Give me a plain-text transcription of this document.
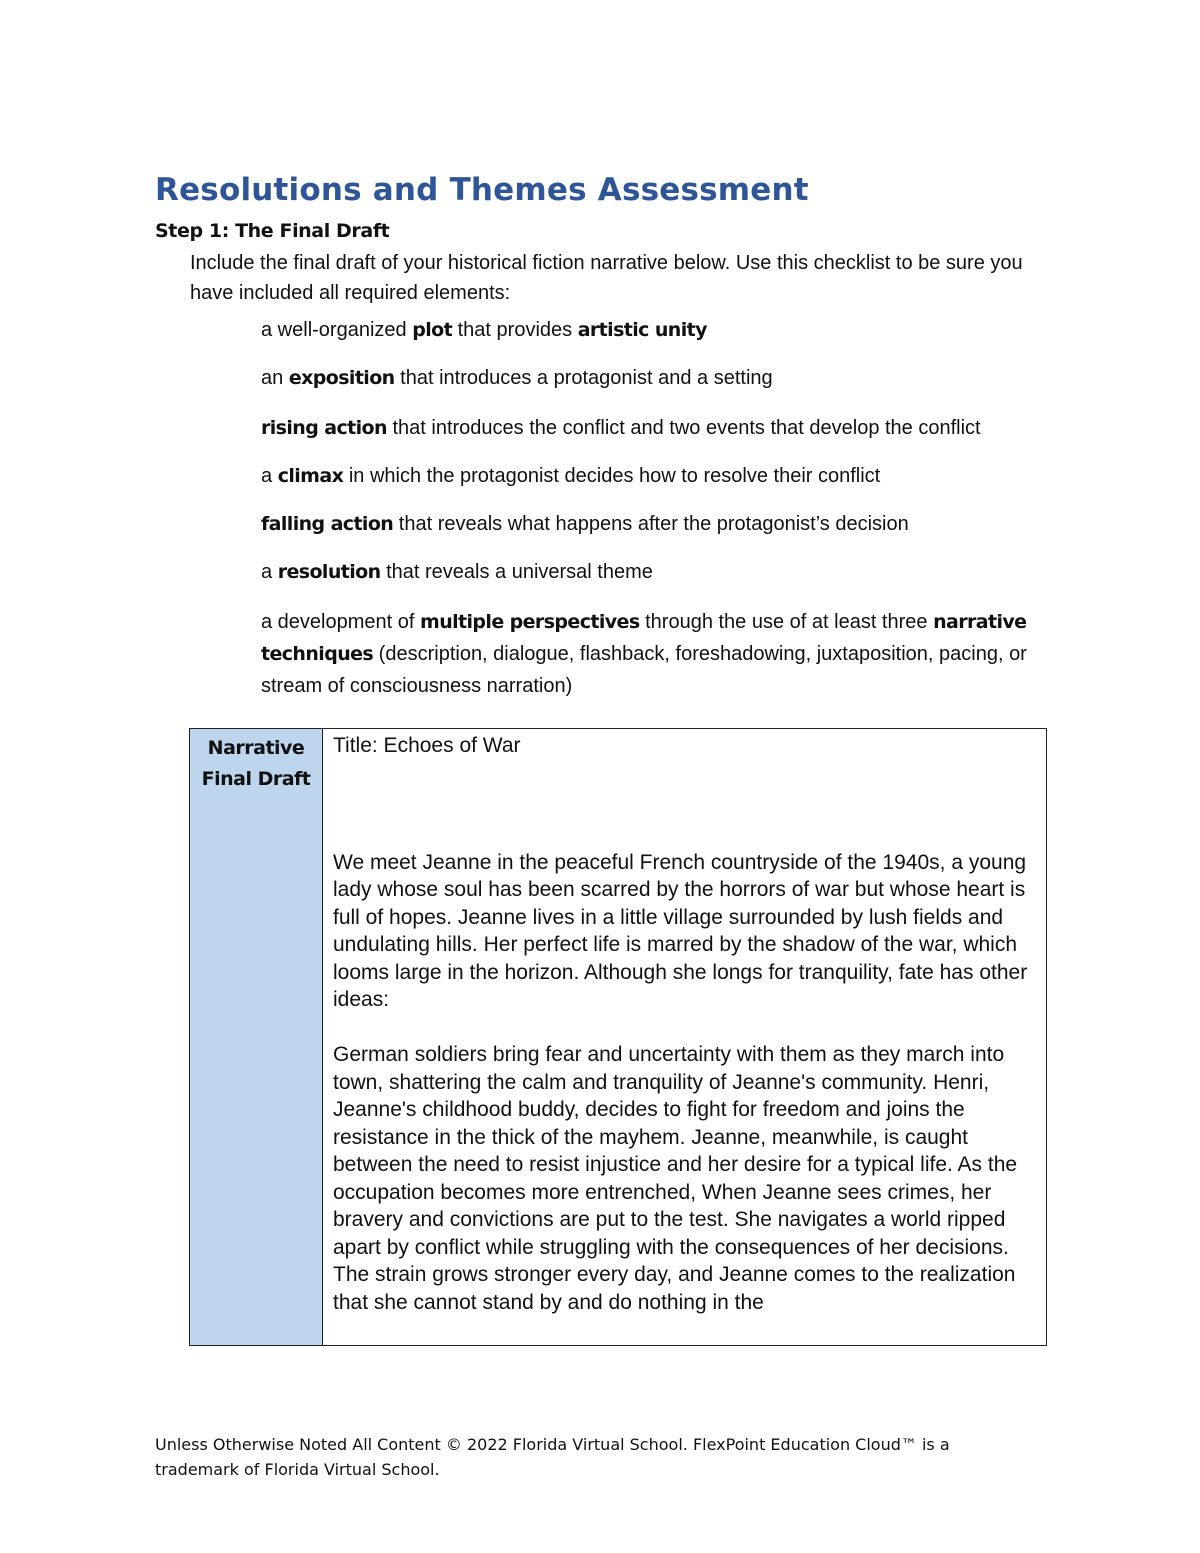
Resolutions and Themes Assessment
Step 1: The Final Draft
Include the final draft of your historical fiction narrative below. Use this checklist to be sure you have included all required elements:
a well-organized plot that provides artistic unity
an exposition that introduces a protagonist and a setting
rising action that introduces the conflict and two events that develop the conflict
a climax in which the protagonist decides how to resolve their conflict
falling action that reveals what happens after the protagonist’s decision
a resolution that reveals a universal theme
a development of multiple perspectives through the use of at least three narrative techniques (description, dialogue, flashback, foreshadowing, juxtaposition, pacing, or stream of consciousness narration)
Narrative
Final Draft
Title: Echoes of War

We meet Jeanne in the peaceful French countryside of the 1940s, a young lady whose soul has been scarred by the horrors of war but whose heart is full of hopes. Jeanne lives in a little village surrounded by lush fields and undulating hills. Her perfect life is marred by the shadow of the war, which looms large in the horizon. Although she longs for tranquility, fate has other ideas:

German soldiers bring fear and uncertainty with them as they march into town, shattering the calm and tranquility of Jeanne's community. Henri, Jeanne's childhood buddy, decides to fight for freedom and joins the resistance in the thick of the mayhem. Jeanne, meanwhile, is caught between the need to resist injustice and her desire for a typical life. As the occupation becomes more entrenched, When Jeanne sees crimes, her bravery and convictions are put to the test. She navigates a world ripped apart by conflict while struggling with the consequences of her decisions. The strain grows stronger every day, and Jeanne comes to the realization that she cannot stand by and do nothing in the

Unless Otherwise Noted All Content © 2022 Florida Virtual School. FlexPoint Education Cloud™ is a trademark of Florida Virtual School.
